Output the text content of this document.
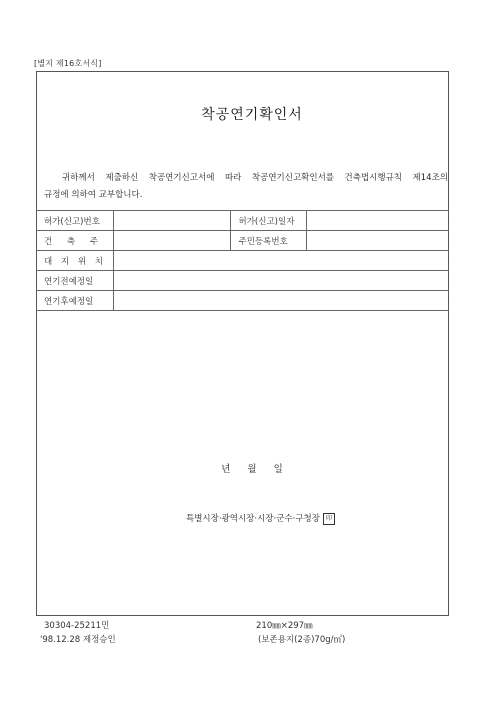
[별지 제16호서식]
착공연기확인서
귀하께서 제출하신 착공연기신고서에 따라 착공연기신고확인서를 건축법시행규칙 제14조의
규정에 의하여 교부합니다.
허가(신고)번호		허가(신고)일자	
건 축 주		주민등록번호	
대 지 위 치			
연기전예정일			
연기후예정일			
년 월 일
특별시장·광역시장·시장·군수·구청장 印
30304-25211민	210㎜×297㎜
'98.12.28 제정승인	(보존용지(2종)70g/㎡)
